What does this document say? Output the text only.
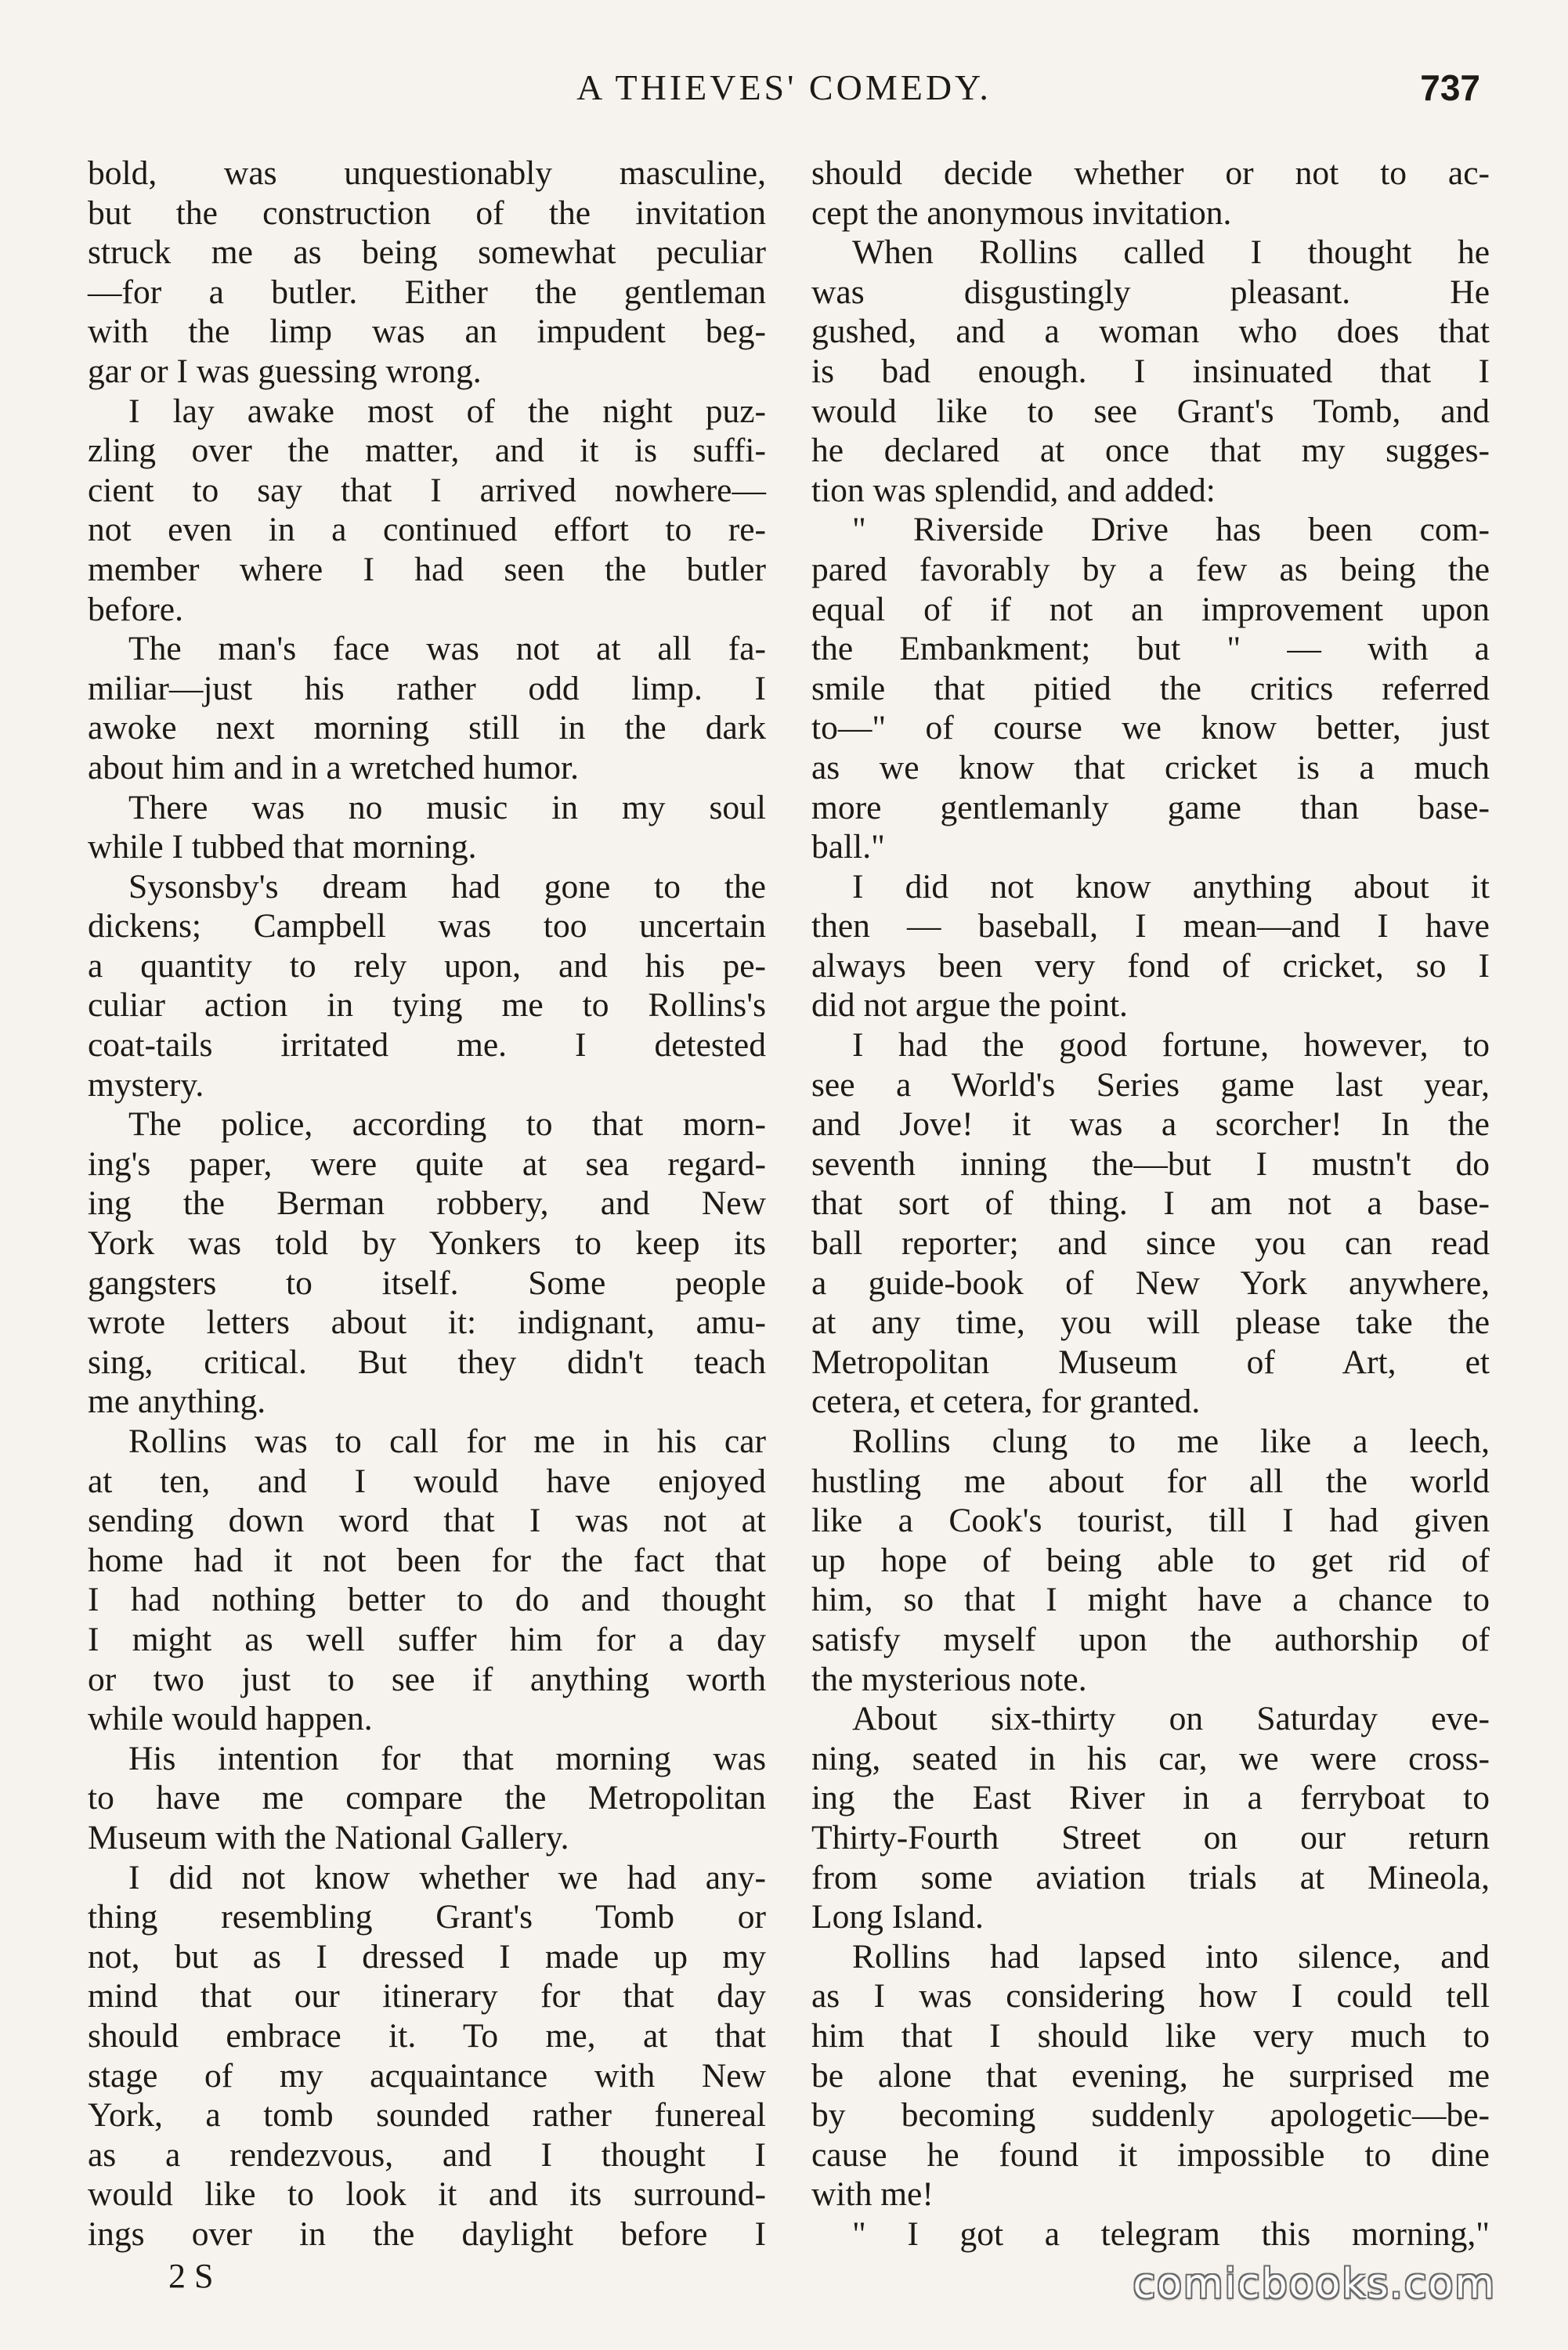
A THIEVES' COMEDY.	737
bold, was unquestionably masculine,
but the construction of the invitation
struck me as being somewhat peculiar
—for a butler. Either the gentleman
with the limp was an impudent beg-
gar or I was guessing wrong.
I lay awake most of the night puz-
zling over the matter, and it is suffi-
cient to say that I arrived nowhere—
not even in a continued effort to re-
member where I had seen the butler
before.
The man's face was not at all fa-
miliar—just his rather odd limp. I
awoke next morning still in the dark
about him and in a wretched humor.
There was no music in my soul
while I tubbed that morning.
Sysonsby's dream had gone to the
dickens; Campbell was too uncertain
a quantity to rely upon, and his pe-
culiar action in tying me to Rollins's
coat-tails irritated me. I detested
mystery.
The police, according to that morn-
ing's paper, were quite at sea regard-
ing the Berman robbery, and New
York was told by Yonkers to keep its
gangsters to itself. Some people
wrote letters about it: indignant, amu-
sing, critical. But they didn't teach
me anything.
Rollins was to call for me in his car
at ten, and I would have enjoyed
sending down word that I was not at
home had it not been for the fact that
I had nothing better to do and thought
I might as well suffer him for a day
or two just to see if anything worth
while would happen.
His intention for that morning was
to have me compare the Metropolitan
Museum with the National Gallery.
I did not know whether we had any-
thing resembling Grant's Tomb or
not, but as I dressed I made up my
mind that our itinerary for that day
should embrace it. To me, at that
stage of my acquaintance with New
York, a tomb sounded rather funereal
as a rendezvous, and I thought I
would like to look it and its surround-
ings over in the daylight before I
should decide whether or not to ac-
cept the anonymous invitation.
When Rollins called I thought he
was disgustingly pleasant. He
gushed, and a woman who does that
is bad enough. I insinuated that I
would like to see Grant's Tomb, and
he declared at once that my sugges-
tion was splendid, and added:
" Riverside Drive has been com-
pared favorably by a few as being the
equal of if not an improvement upon
the Embankment; but " — with a
smile that pitied the critics referred
to—" of course we know better, just
as we know that cricket is a much
more gentlemanly game than base-
ball."
I did not know anything about it
then — baseball, I mean—and I have
always been very fond of cricket, so I
did not argue the point.
I had the good fortune, however, to
see a World's Series game last year,
and Jove! it was a scorcher! In the
seventh inning the—but I mustn't do
that sort of thing. I am not a base-
ball reporter; and since you can read
a guide-book of New York anywhere,
at any time, you will please take the
Metropolitan Museum of Art, et
cetera, et cetera, for granted.
Rollins clung to me like a leech,
hustling me about for all the world
like a Cook's tourist, till I had given
up hope of being able to get rid of
him, so that I might have a chance to
satisfy myself upon the authorship of
the mysterious note.
About six-thirty on Saturday eve-
ning, seated in his car, we were cross-
ing the East River in a ferryboat to
Thirty-Fourth Street on our return
from some aviation trials at Mineola,
Long Island.
Rollins had lapsed into silence, and
as I was considering how I could tell
him that I should like very much to
be alone that evening, he surprised me
by becoming suddenly apologetic—be-
cause he found it impossible to dine
with me!
" I got a telegram this morning,"
2 S	comicbooks.com
